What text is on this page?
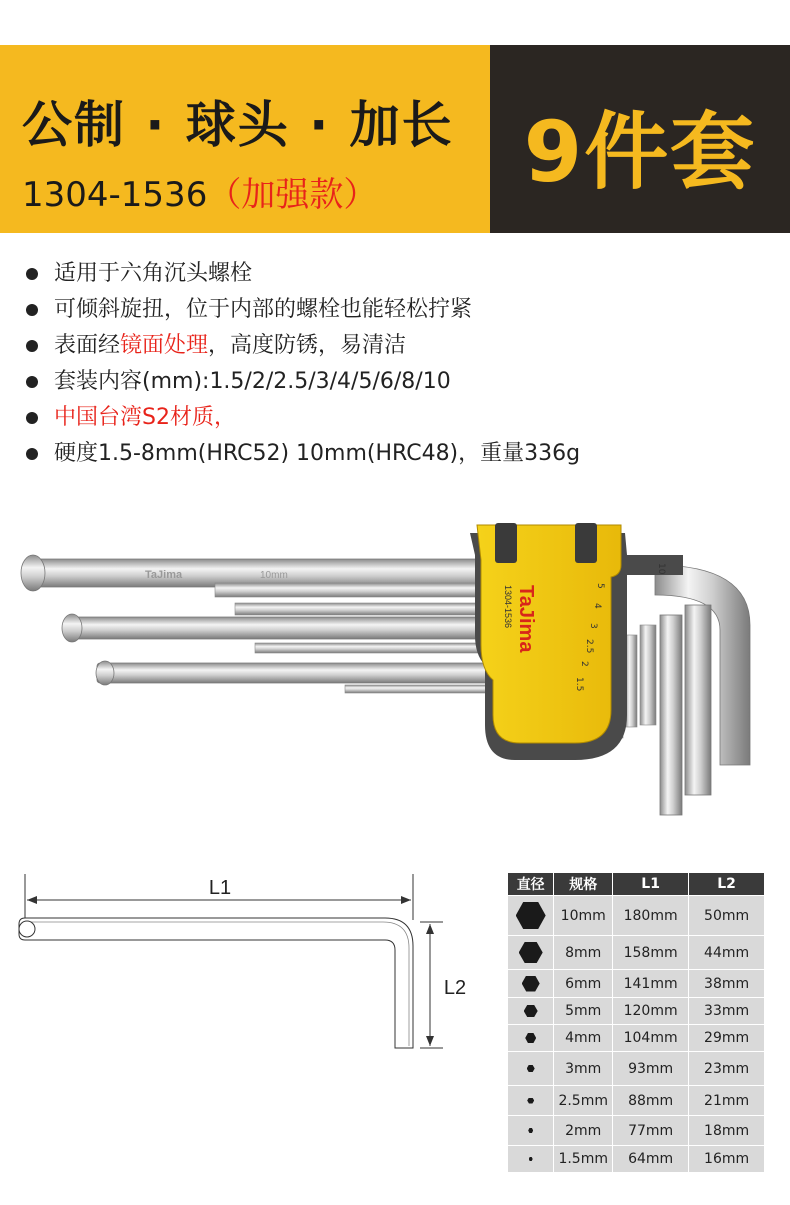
公制 · 球头 · 加长
1304-1536（加强款）	9件套
适用于六角沉头螺栓
可倾斜旋扭，位于内部的螺栓也能轻松拧紧
表面经镜面处理，高度防锈，易清洁
套装内容(mm):1.5/2/2.5/3/4/5/6/8/10
中国台湾S2材质，
硬度1.5-8mm(HRC52) 10mm(HRC48)，重量336g
TaJima	10mm
TaJima
1304-1536	5
4
3
2.5
2
1.5
10
L1
L2
直径	规格	L1	L2
	10mm	180mm	50mm
	8mm	158mm	44mm
	6mm	141mm	38mm
	5mm	120mm	33mm
	4mm	104mm	29mm
	3mm	93mm	23mm
	2.5mm	88mm	21mm
	2mm	77mm	18mm
	1.5mm	64mm	16mm
